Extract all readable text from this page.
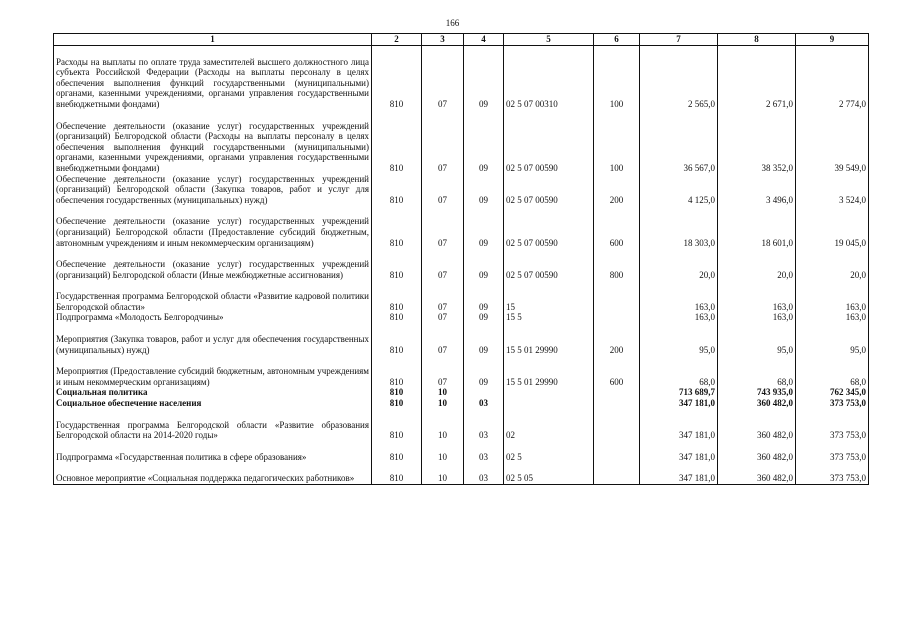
166
1	2	3	4	5	6	7	8	9
Расходы на выплаты по оплате труда заместителей высшего должностного лица субъекта Российской Федерации (Расходы на выплаты персоналу в целях обеспечения выполнения функций государственными (муниципальными) органами, казенными учреждениями, органами управления государственными внебюджетными фондами)	810	07	09	02 5 07 00310	100	2 565,0	2 671,0	2 774,0
Обеспечение деятельности (оказание услуг) государственных учреждений (организаций) Белгородской области (Расходы на выплаты персоналу в целях обеспечения выполнения функций государственными (муниципальными) органами, казенными учреждениями, органами управления государственными внебюджетными фондами)	810	07	09	02 5 07 00590	100	36 567,0	38 352,0	39 549,0
Обеспечение деятельности (оказание услуг) государственных учреждений (организаций) Белгородской области (Закупка товаров, работ и услуг для обеспечения государственных (муниципальных) нужд)	810	07	09	02 5 07 00590	200	4 125,0	3 496,0	3 524,0
Обеспечение деятельности (оказание услуг) государственных учреждений (организаций) Белгородской области (Предоставление субсидий бюджетным, автономным учреждениям и иным некоммерческим организациям)	810	07	09	02 5 07 00590	600	18 303,0	18 601,0	19 045,0
Обеспечение деятельности (оказание услуг) государственных учреждений (организаций) Белгородской области (Иные межбюджетные ассигнования)	810	07	09	02 5 07 00590	800	20,0	20,0	20,0
Государственная программа Белгородской области «Развитие кадровой политики Белгородской области»	810	07	09	15		163,0	163,0	163,0
Подпрограмма «Молодость Белгородчины»	810	07	09	15 5		163,0	163,0	163,0
Мероприятия (Закупка товаров, работ и услуг для обеспечения государственных (муниципальных) нужд)	810	07	09	15 5 01 29990	200	95,0	95,0	95,0
Мероприятия (Предоставление субсидий бюджетным, автономным учреждениям и иным некоммерческим организациям)	810	07	09	15 5 01 29990	600	68,0	68,0	68,0
Социальная политика	810	10				713 689,7	743 935,0	762 345,0
Социальное обеспечение населения	810	10	03			347 181,0	360 482,0	373 753,0
Государственная программа Белгородской области «Развитие образования Белгородской области на 2014-2020 годы»	810	10	03	02		347 181,0	360 482,0	373 753,0
Подпрограмма «Государственная политика в сфере образования»	810	10	03	02 5		347 181,0	360 482,0	373 753,0
Основное мероприятие «Социальная поддержка педагогических работников»	810	10	03	02 5 05		347 181,0	360 482,0	373 753,0
